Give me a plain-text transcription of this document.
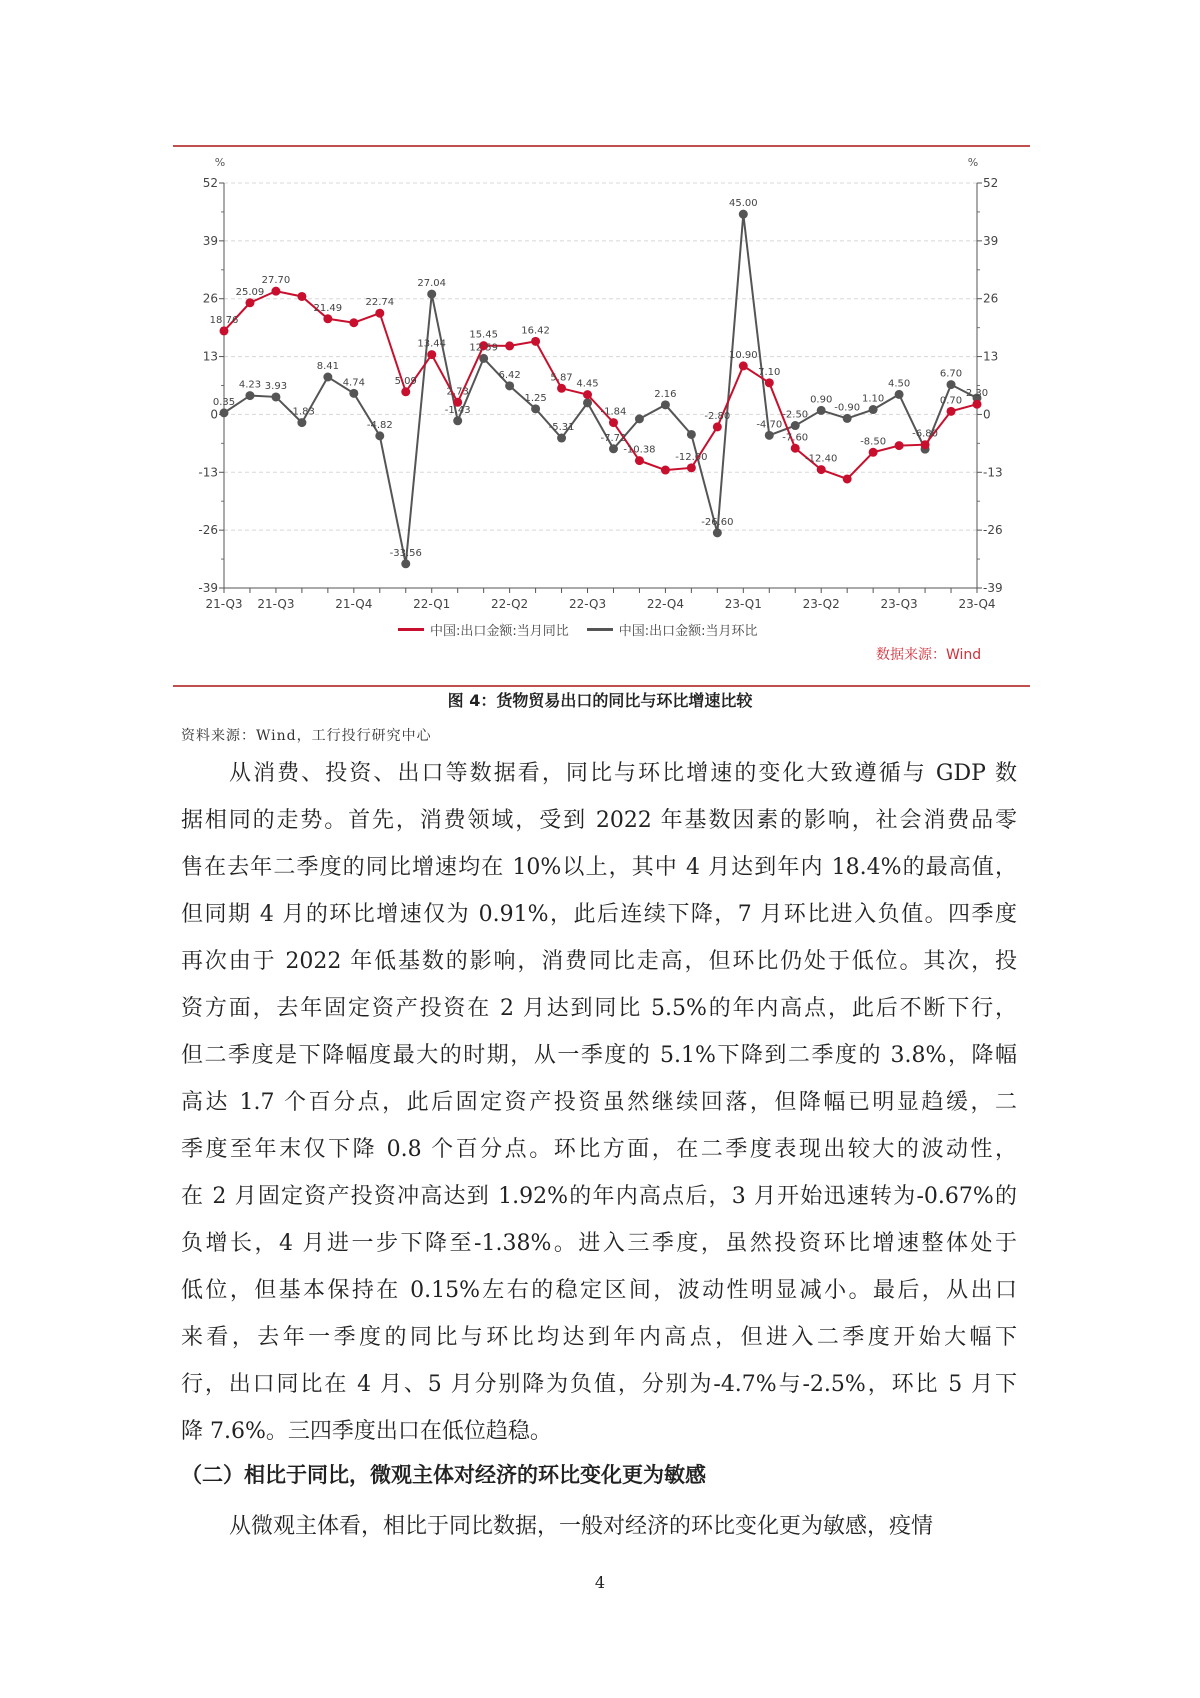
52	52
39	39
26	26
13	13
0	0
-13	-13
-26	-26
-39	-39
%	%
21-Q3 21-Q3	21-Q4	22-Q1	22-Q2	22-Q3	22-Q4	23-Q1	23-Q2	23-Q3	23-Q4
18.76
25.09
27.70
21.49
22.74
5.09
13.44
2.73
15.45 16.42
5.87
4.45
-1.84
-10.38
-12.00
-2.80
10.90
7.10
-7.60
-12.40
-8.50
-6.80
0.70
2.30
0.35
4.23 3.93
-1.83
8.41
4.74
-4.82
-33.56
27.04
-1.43
12.59
6.42
1.25
-5.31
-7.72
2.16
-26.60
45.00
-4.70
-2.50
0.90
-0.90
1.10
4.50
6.70
中国:出口金额:当月同比	中国:出口金额:当月环比
数据来源：Wind
图 4：货物贸易出口的同比与环比增速比较
资料来源：Wind，工行投行研究中心
从消费、投资、出口等数据看，同比与环比增速的变化大致遵循与 GDP 数
据相同的走势。首先，消费领域，受到 2022 年基数因素的影响，社会消费品零
售在去年二季度的同比增速均在 10%以上，其中 4 月达到年内 18.4%的最高值，
但同期 4 月的环比增速仅为 0.91%，此后连续下降，7 月环比进入负值。四季度
再次由于 2022 年低基数的影响，消费同比走高，但环比仍处于低位。其次，投
资方面，去年固定资产投资在 2 月达到同比 5.5%的年内高点，此后不断下行，
但二季度是下降幅度最大的时期，从一季度的 5.1%下降到二季度的 3.8%，降幅
高达 1.7 个百分点，此后固定资产投资虽然继续回落，但降幅已明显趋缓，二
季度至年末仅下降 0.8 个百分点。环比方面，在二季度表现出较大的波动性，
在 2 月固定资产投资冲高达到 1.92%的年内高点后，3 月开始迅速转为-0.67%的
负增长，4 月进一步下降至-1.38%。进入三季度，虽然投资环比增速整体处于
低位，但基本保持在 0.15%左右的稳定区间，波动性明显减小。最后，从出口
来看，去年一季度的同比与环比均达到年内高点，但进入二季度开始大幅下
行，出口同比在 4 月、5 月分别降为负值，分别为-4.7%与-2.5%，环比 5 月下
降 7.6%。三四季度出口在低位趋稳。
（二）相比于同比，微观主体对经济的环比变化更为敏感
从微观主体看，相比于同比数据，一般对经济的环比变化更为敏感，疫情
4
